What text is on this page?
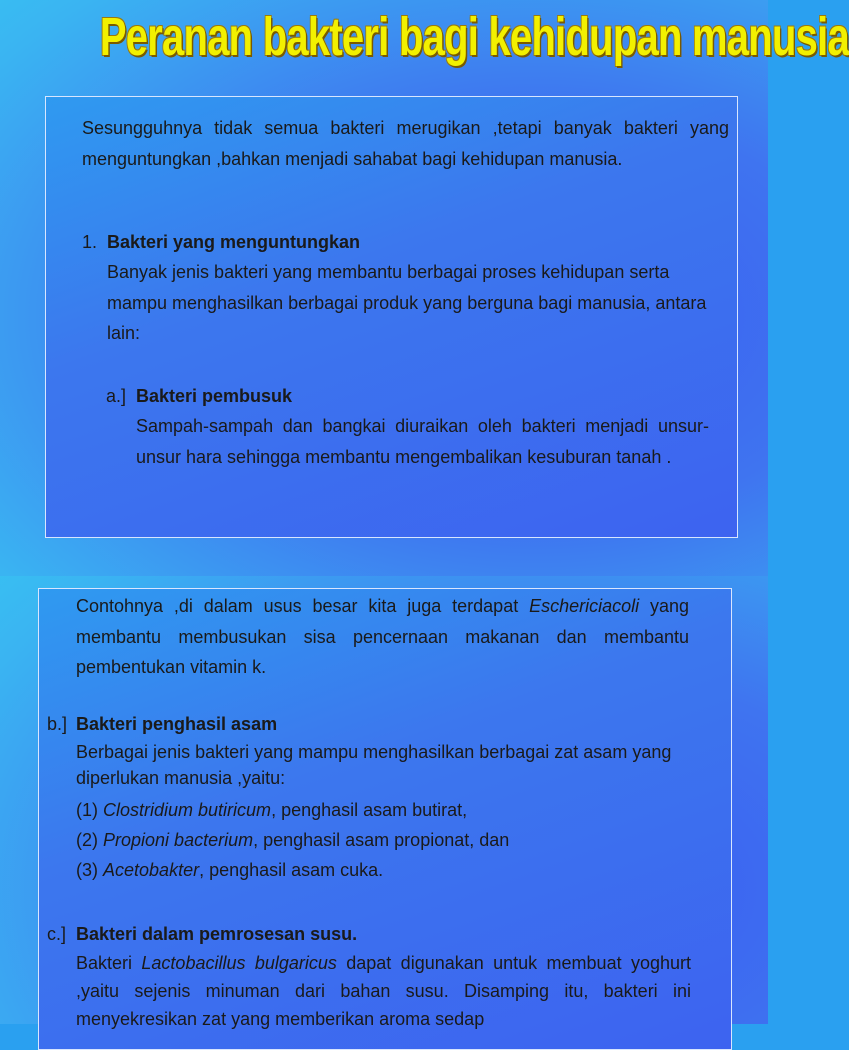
Peranan bakteri bagi kehidupan manusia
Sesungguhnya tidak semua bakteri merugikan ,tetapi banyak bakteri yang menguntungkan ,bahkan menjadi sahabat bagi kehidupan manusia.
1. Bakteri yang menguntungkan
Banyak jenis bakteri yang membantu berbagai proses kehidupan serta mampu menghasilkan berbagai produk yang berguna bagi manusia, antara lain:
a.] Bakteri pembusuk
Sampah-sampah dan bangkai diuraikan oleh bakteri menjadi unsur-unsur hara sehingga membantu mengembalikan kesuburan tanah .
Contohnya ,di dalam usus besar kita juga terdapat Eschericiacoli yang membantu membusukan sisa pencernaan makanan dan membantu pembentukan vitamin k.
b.] Bakteri penghasil asam
Berbagai jenis bakteri yang mampu menghasilkan berbagai zat asam yang diperlukan manusia ,yaitu:
(1) Clostridium butiricum, penghasil asam butirat,
(2) Propioni bacterium, penghasil asam propionat, dan
(3) Acetobakter, penghasil asam cuka.
c.] Bakteri dalam pemrosesan susu.
Bakteri Lactobacillus bulgaricus dapat digunakan untuk membuat yoghurt ,yaitu sejenis minuman dari bahan susu. Disamping itu, bakteri ini menyekresikan zat yang memberikan aroma sedap
